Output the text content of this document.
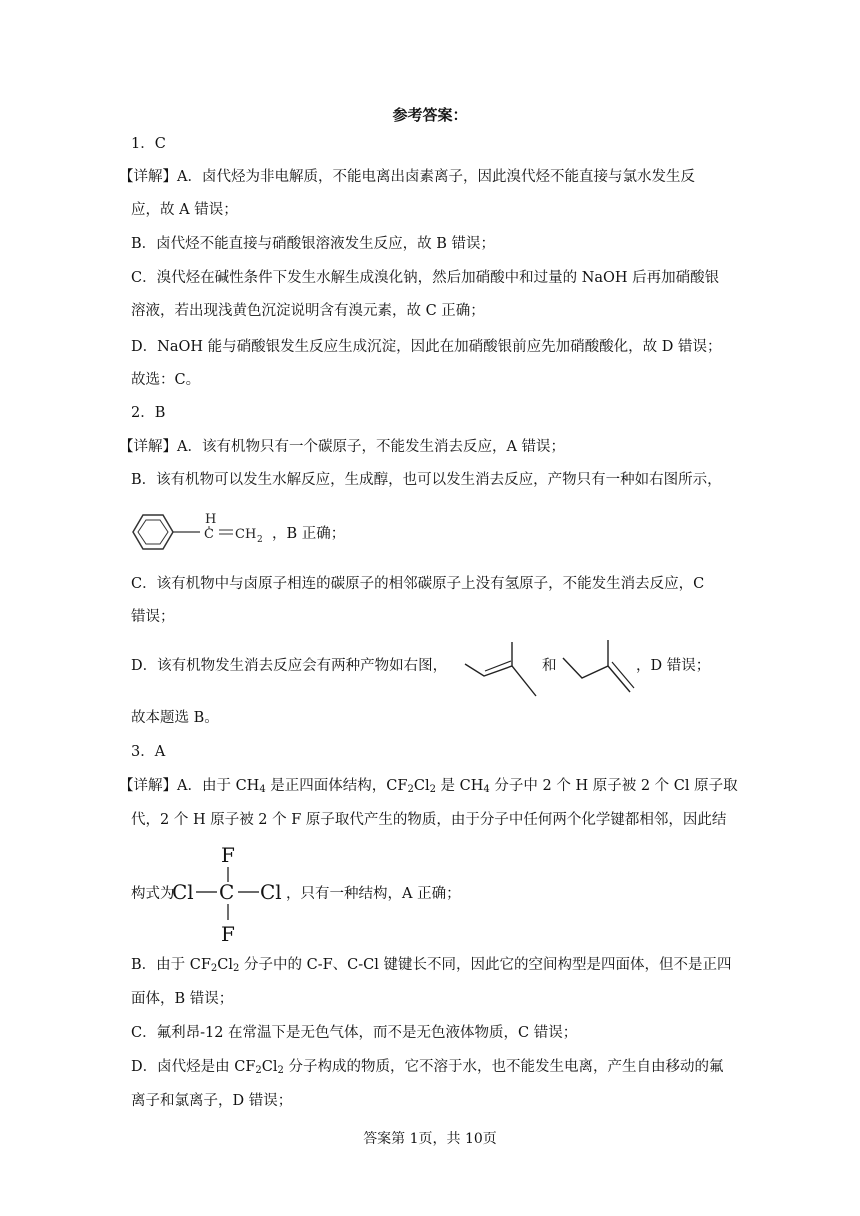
参考答案：
1．C
【详解】A．卤代烃为非电解质，不能电离出卤素离子，因此溴代烃不能直接与氯水发生反
应，故 A 错误；
B．卤代烃不能直接与硝酸银溶液发生反应，故 B 错误；
C．溴代烃在碱性条件下发生水解生成溴化钠，然后加硝酸中和过量的 NaOH 后再加硝酸银
溶液，若出现浅黄色沉淀说明含有溴元素，故 C 正确；
D．NaOH 能与硝酸银发生反应生成沉淀，因此在加硝酸银前应先加硝酸酸化，故 D 错误；
故选：C。
2．B
【详解】A．该有机物只有一个碳原子，不能发生消去反应，A 错误；
B．该有机物可以发生水解反应，生成醇，也可以发生消去反应，产物只有一种如右图所示，
H
C CH 2 ，B 正确；
C．该有机物中与卤原子相连的碳原子的相邻碳原子上没有氢原子，不能发生消去反应，C
错误；
D．该有机物发生消去反应会有两种产物如右图，	和	，D 错误；
故本题选 B。
3．A
【详解】A．由于 $CH_4$ 是正四面体结构，$CF_2Cl_2$ 是 $CH_4$ 分子中 2 个 H 原子被 2 个 Cl 原子取
代，2 个 H 原子被 2 个 F 原子取代产生的物质，由于分子中任何两个化学键都相邻，因此结
构式为
F
Cl C Cl
F
，只有一种结构，A 正确；
B．由于 $CF_2Cl_2$ 分子中的 C-F、C-Cl 键键长不同，因此它的空间构型是四面体，但不是正四
面体，B 错误；
C．氟利昂-12 在常温下是无色气体，而不是无色液体物质，C 错误；
D．卤代烃是由 $CF_2Cl_2$ 分子构成的物质，它不溶于水，也不能发生电离，产生自由移动的氟
离子和氯离子，D 错误；
答案第 1页，共 10页
